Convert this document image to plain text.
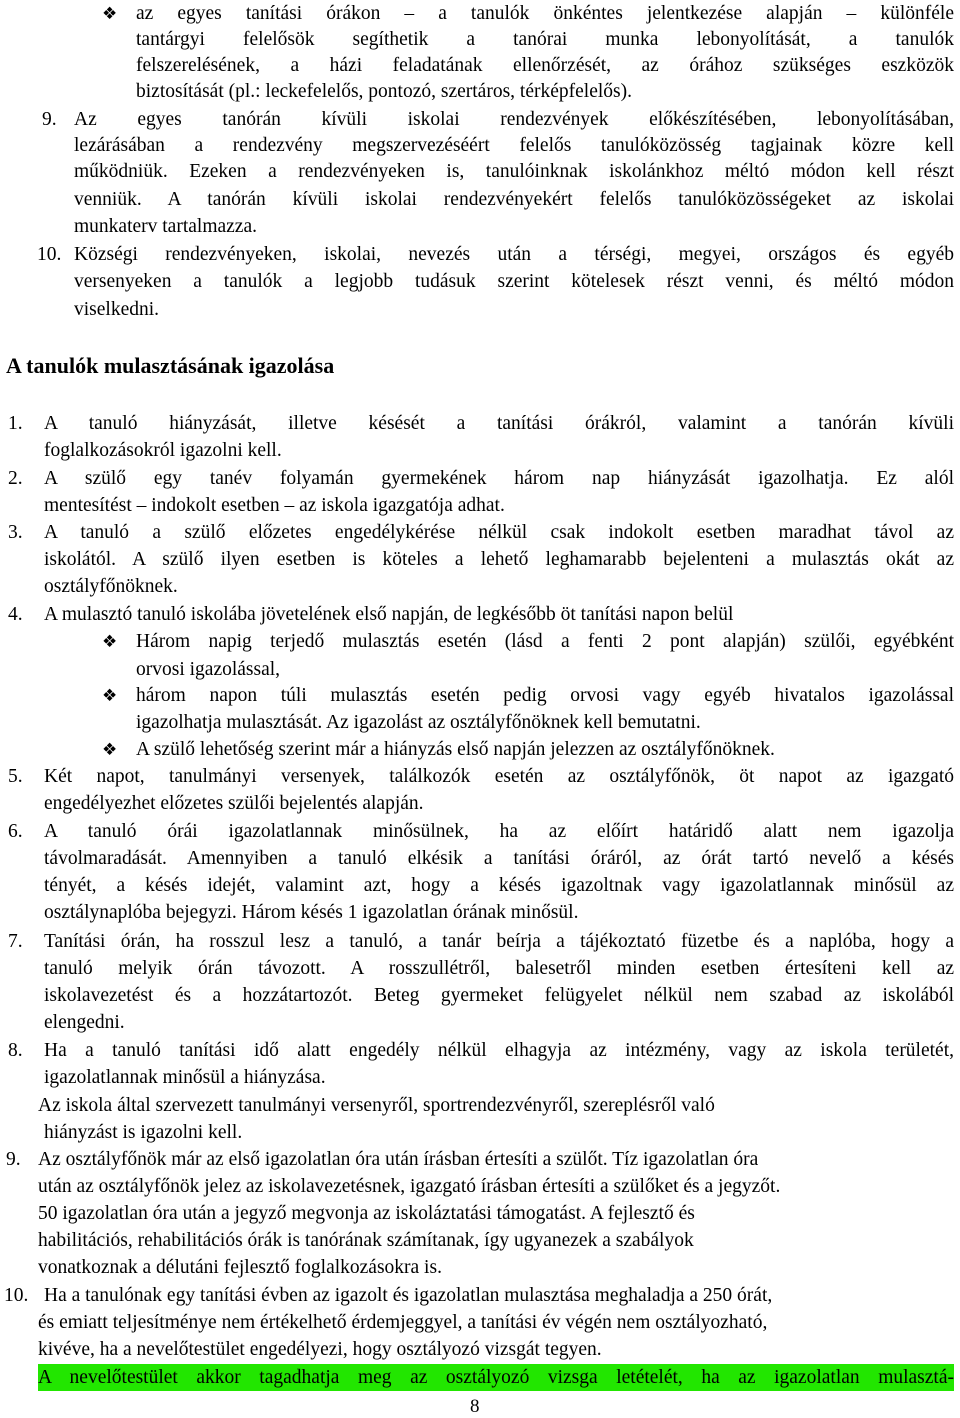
❖ az egyes tanítási órákon – a tanulók önkéntes jelentkezése alapján – különféle
tantárgyi felelősök segíthetik a tanórai munka lebonyolítását, a tanulók
felszerelésének, a házi feladatának ellenőrzését, az órához szükséges eszközök
biztosítását (pl.: leckefelelős, pontozó, szertáros, térképfelelős).
9. Az egyes tanórán kívüli iskolai rendezvények előkészítésében, lebonyolításában,
lezárásában a rendezvény megszervezéséért felelős tanulóközösség tagjainak közre kell
működniük. Ezeken a rendezvényeken is, tanulóinknak iskolánkhoz méltó módon kell részt
venniük. A tanórán kívüli iskolai rendezvényekért felelős tanulóközösségeket az iskolai
munkaterv tartalmazza.
10. Községi rendezvényeken, iskolai, nevezés után a térségi, megyei, országos és egyéb
versenyeken a tanulók a legjobb tudásuk szerint kötelesek részt venni, és méltó módon
viselkedni.
A tanulók mulasztásának igazolása
1. A tanuló hiányzását, illetve késését a tanítási órákról, valamint a tanórán kívüli
foglalkozásokról igazolni kell.
2. A szülő egy tanév folyamán gyermekének három nap hiányzását igazolhatja. Ez alól
mentesítést – indokolt esetben – az iskola igazgatója adhat.
3. A tanuló a szülő előzetes engedélykérése nélkül csak indokolt esetben maradhat távol az
iskolától. A szülő ilyen esetben is köteles a lehető leghamarabb bejelenteni a mulasztás okát az
osztályfőnöknek.
4. A mulasztó tanuló iskolába jövetelének első napján, de legkésőbb öt tanítási napon belül
❖ Három napig terjedő mulasztás esetén (lásd a fenti 2 pont alapján) szülői, egyébként
orvosi igazolással,
❖ három napon túli mulasztás esetén pedig orvosi vagy egyéb hivatalos igazolással
igazolhatja mulasztását. Az igazolást az osztályfőnöknek kell bemutatni.
❖ A szülő lehetőség szerint már a hiányzás első napján jelezzen az osztályfőnöknek.
5. Két napot, tanulmányi versenyek, találkozók esetén az osztályfőnök, öt napot az igazgató
engedélyezhet előzetes szülői bejelentés alapján.
6. A tanuló órái igazolatlannak minősülnek, ha az előírt határidő alatt nem igazolja
távolmaradását. Amennyiben a tanuló elkésik a tanítási óráról, az órát tartó nevelő a késés
tényét, a késés idejét, valamint azt, hogy a késés igazoltnak vagy igazolatlannak minősül az
osztálynaplóba bejegyzi. Három késés 1 igazolatlan órának minősül.
7. Tanítási órán, ha rosszul lesz a tanuló, a tanár beírja a tájékoztató füzetbe és a naplóba, hogy a
tanuló melyik órán távozott. A rosszullétről, balesetről minden esetben értesíteni kell az
iskolavezetést és a hozzátartozót. Beteg gyermeket felügyelet nélkül nem szabad az iskolából
elengedni.
8. Ha a tanuló tanítási idő alatt engedély nélkül elhagyja az intézmény, vagy az iskola területét,
igazolatlannak minősül a hiányzása.
Az iskola által szervezett tanulmányi versenyről, sportrendezvényről, szereplésről való
hiányzást is igazolni kell.
9. Az osztályfőnök már az első igazolatlan óra után írásban értesíti a szülőt. Tíz igazolatlan óra
után az osztályfőnök jelez az iskolavezetésnek, igazgató írásban értesíti a szülőket és a jegyzőt.
50 igazolatlan óra után a jegyző megvonja az iskoláztatási támogatást. A fejlesztő és
habilitációs, rehabilitációs órák is tanórának számítanak, így ugyanezek a szabályok
vonatkoznak a délutáni fejlesztő foglalkozásokra is.
10. Ha a tanulónak egy tanítási évben az igazolt és igazolatlan mulasztása meghaladja a 250 órát,
és emiatt teljesítménye nem értékelhető érdemjeggyel, a tanítási év végén nem osztályozható,
kivéve, ha a nevelőtestület engedélyezi, hogy osztályozó vizsgát tegyen.
A nevelőtestület akkor tagadhatja meg az osztályozó vizsga letételét, ha az igazolatlan mulasztá-
8
